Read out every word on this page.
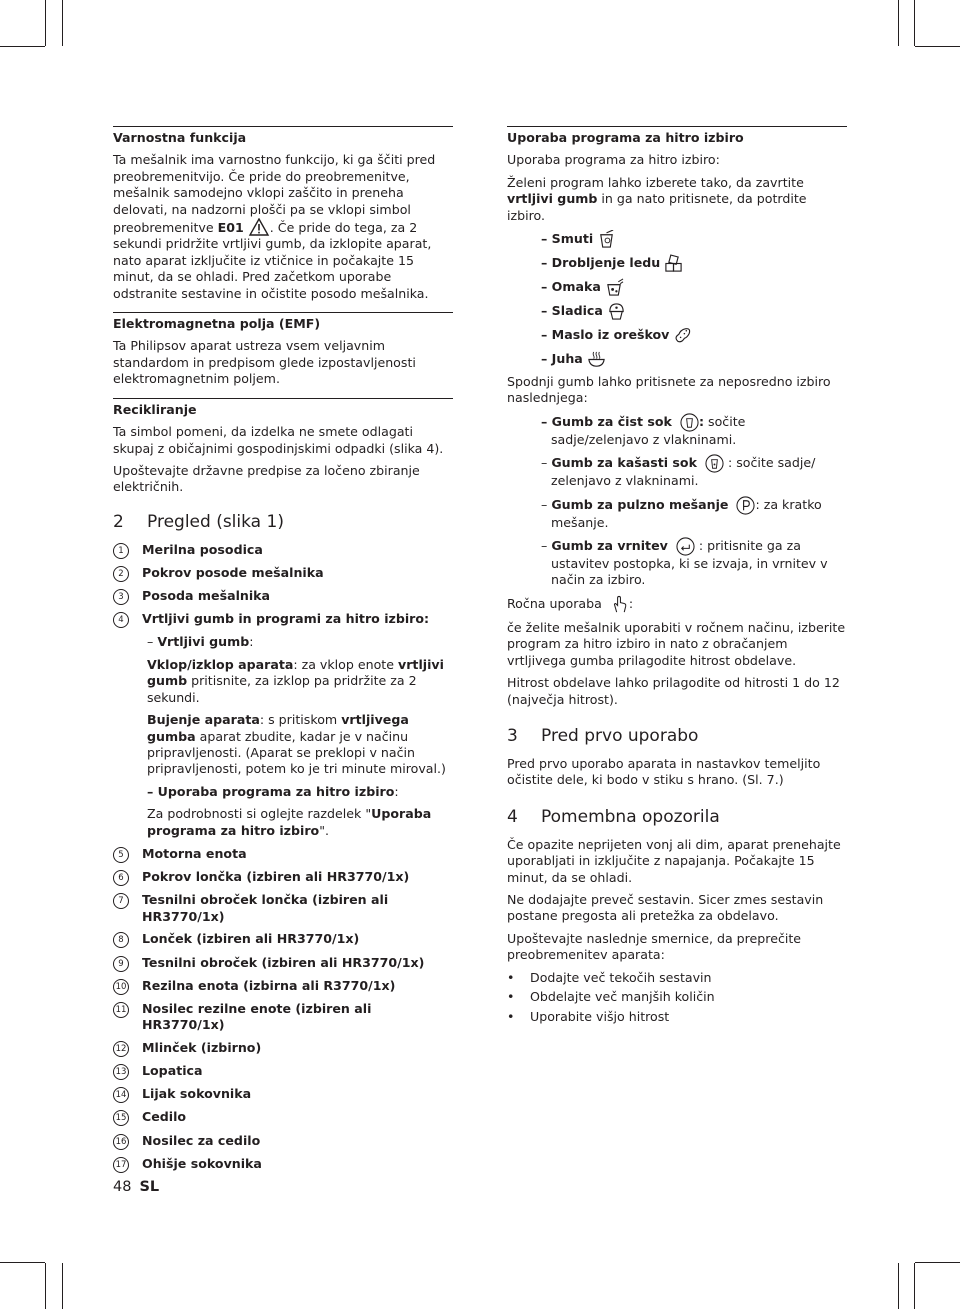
Varnostna funkcija

Ta mešalnik ima varnostno funkcijo, ki ga ščiti pred preobremenitvijo. Če pride do preobremenitve, mešalnik samodejno vklopi zaščito in preneha delovati, na nadzorni plošči pa se vklopi simbol preobremenitve E01 . Če pride do tega, za 2 sekundi pridržite vrtljivi gumb, da izklopite aparat, nato aparat izključite iz vtičnice in počakajte 15 minut, da se ohladi. Pred začetkom uporabe odstranite sestavine in očistite posodo mešalnika.

Elektromagnetna polja (EMF)

Ta Philipsov aparat ustreza vsem veljavnim standardom in predpisom glede izpostavljenosti elektromagnetnim poljem.

Recikliranje

Ta simbol pomeni, da izdelka ne smete odlagati skupaj z običajnimi gospodinjskimi odpadki (slika 4).

Upoštevajte državne predpise za ločeno zbiranje električnih.

2	Pregled (slika 1)
1	Merilna posodica
2	Pokrov posode mešalnika
3	Posoda mešalnika
4	Vrtljivi gumb in programi za hitro izbiro:
– Vrtljivi gumb:
Vklop/izklop aparata: za vklop enote vrtljivi gumb pritisnite, za izklop pa pridržite za 2 sekundi.
Bujenje aparata: s pritiskom vrtljivega gumba aparat zbudite, kadar je v načinu pripravljenosti. (Aparat se preklopi v način pripravljenosti, potem ko je tri minute miroval.)
– Uporaba programa za hitro izbiro:
Za podrobnosti si oglejte razdelek "Uporaba programa za hitro izbiro".
5	Motorna enota
6	Pokrov lončka (izbiren ali HR3770/1x)
7	Tesnilni obroček lončka (izbiren ali HR3770/1x)
8	Lonček (izbiren ali HR3770/1x)
9	Tesnilni obroček (izbiren ali HR3770/1x)
10 Rezilna enota (izbirna ali R3770/1x)
11 Nosilec rezilne enote (izbiren ali HR3770/1x)
12 Mlinček (izbirno)
13 Lopatica
14 Lijak sokovnika
15 Cedilo
16 Nosilec za cedilo
17 Ohišje sokovnika
Uporaba programa za hitro izbiro

Uporaba programa za hitro izbiro:

Želeni program lahko izberete tako, da zavrtite vrtljivi gumb in ga nato pritisnete, da potrdite izbiro.

– Smuti
– Drobljenje ledu
– Omaka
– Sladica
– Maslo iz oreškov
– Juha

Spodnji gumb lahko pritisnete za neposredno izbiro naslednjega:

– Gumb za čist sok : sočite sadje/zelenjavo z vlakninami.
– Gumb za kašasti sok  : sočite sadje/ zelenjavo z vlakninami.
– Gumb za pulzno mešanje : za kratko mešanje.
– Gumb za vrnitev  : pritisnite ga za ustavitev postopka, ki se izvaja, in vrnitev v način za izbiro.

Ročna uporaba :

če želite mešalnik uporabiti v ročnem načinu, izberite program za hitro izbiro in nato z obračanjem vrtljivega gumba prilagodite hitrost obdelave.

Hitrost obdelave lahko prilagodite od hitrosti 1 do 12 (največja hitrost).

3	Pred prvo uporabo

Pred prvo uporabo aparata in nastavkov temeljito očistite dele, ki bodo v stiku s hrano. (Sl. 7.)

4	Pomembna opozorila

Če opazite neprijeten vonj ali dim, aparat prenehajte uporabljati in izključite z napajanja. Počakajte 15 minut, da se ohladi.

Ne dodajajte preveč sestavin. Sicer zmes sestavin postane pregosta ali pretežka za obdelavo.

Upoštevajte naslednje smernice, da preprečite preobremenitev aparata:

•	Dodajte več tekočih sestavin
•	Obdelajte več manjših količin
•	Uporabite višjo hitrost
48 SL
